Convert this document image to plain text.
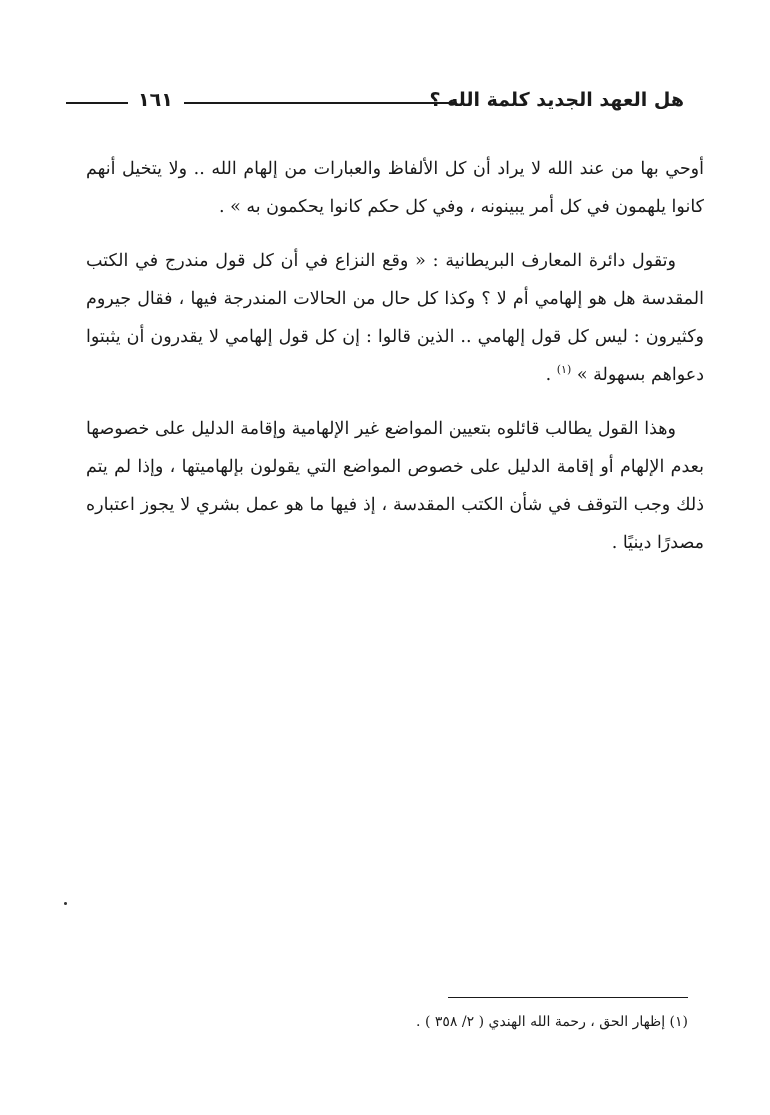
هل العهد الجديد كلمة الله ؟
١٦١

أوحي بها من عند الله لا يراد أن كل الألفاظ والعبارات من إلهام الله .. ولا يتخيل أنهم كانوا يلهمون في كل أمر يبينونه ، وفي كل حكم كانوا يحكمون به » .

وتقول دائرة المعارف البريطانية : « وقع النزاع في أن كل قول مندرج في الكتب المقدسة هل هو إلهامي أم لا ؟ وكذا كل حال من الحالات المندرجة فيها ، فقال جيروم وكثيرون : ليس كل قول إلهامي .. الذين قالوا : إن كل قول إلهامي لا يقدرون أن يثبتوا دعواهم بسهولة » $^{(١)}$ .

وهذا القول يطالب قائلوه بتعيين المواضع غير الإلهامية وإقامة الدليل على خصوصها بعدم الإلهام أو إقامة الدليل على خصوص المواضع التي يقولون بإلهاميتها ، وإذا لم يتم ذلك وجب التوقف في شأن الكتب المقدسة ، إذ فيها ما هو عمل بشري لا يجوز اعتباره مصدرًا دينيًا .

(١) إظهار الحق ، رحمة الله الهندي ( ٢/ ٣٥٨ ) .
